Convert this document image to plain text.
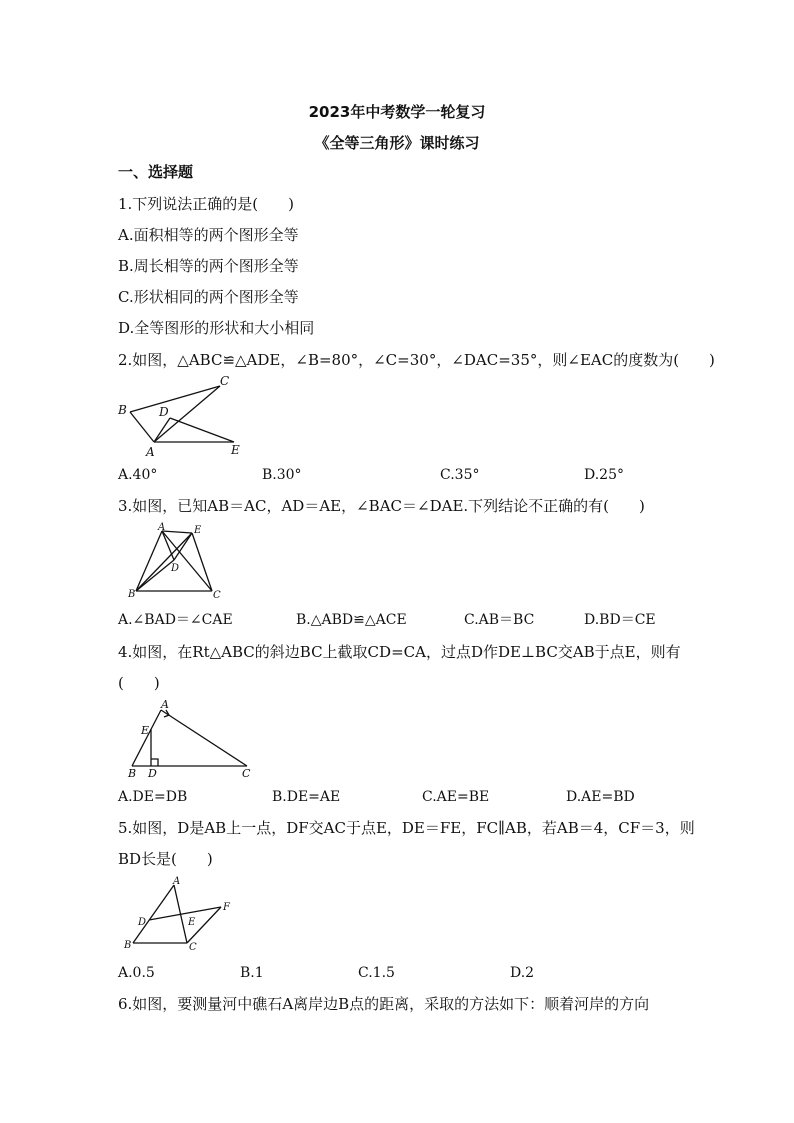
2023年中考数学一轮复习
《全等三角形》课时练习
一、选择题
1.下列说法正确的是(　　)
A.面积相等的两个图形全等
B.周长相等的两个图形全等
C.形状相同的两个图形全等
D.全等图形的形状和大小相同
2.如图，△ABC≌△ADE，∠B=80°，∠C=30°，∠DAC=35°，则∠EAC的度数为(　　)
A
B
C
D
E
A.40°	B.30°	C.35°	D.25°
3.如图，已知AB＝AC，AD＝AE，∠BAC＝∠DAE.下列结论不正确的有(　　)
A
B	C
D
E
A.∠BAD＝∠CAE	B.△ABD≌△ACE	C.AB＝BC	D.BD＝CE
4.如图，在Rt△ABC的斜边BC上截取CD=CA，过点D作DE⊥BC交AB于点E，则有
(　　)
B D	C
A
E
A.DE=DB	B.DE=AE	C.AE=BE	D.AE=BD
5.如图，D是AB上一点，DF交AC于点E，DE＝FE，FC∥AB，若AB＝4，CF＝3，则
BD长是(　　)
A
B	C
D	E
F
A.0.5	B.1	C.1.5	D.2
6.如图，要测量河中礁石A离岸边B点的距离，采取的方法如下：顺着河岸的方向
